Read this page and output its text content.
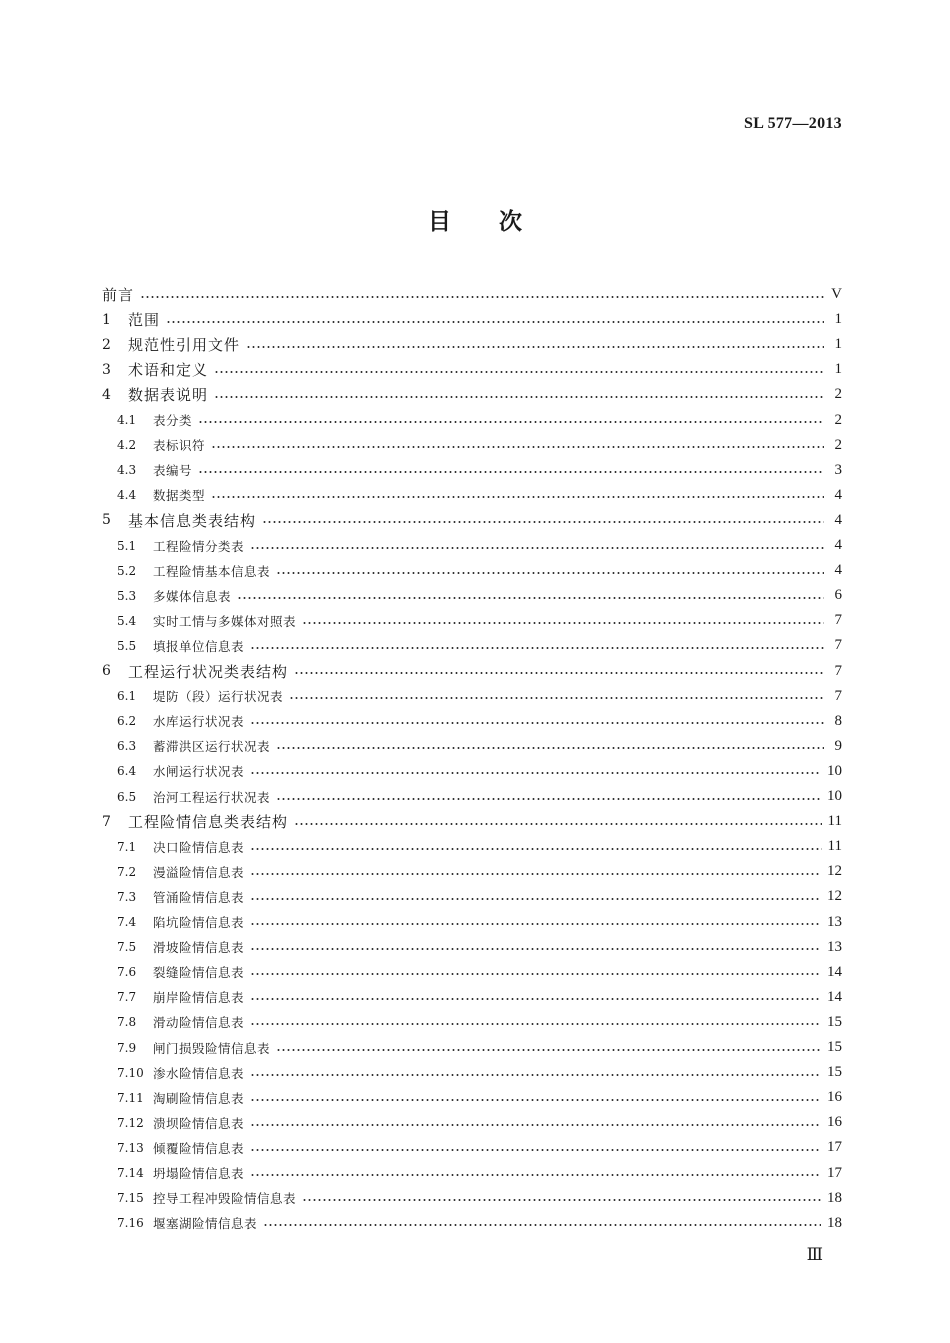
SL 577—2013
目次
前言	V
1	范围	1
2	规范性引用文件	1
3	术语和定义	1
4	数据表说明	2
4.1	表分类	2
4.2	表标识符	2
4.3	表编号	3
4.4	数据类型	4
5	基本信息类表结构	4
5.1	工程险情分类表	4
5.2	工程险情基本信息表	4
5.3	多媒体信息表	6
5.4	实时工情与多媒体对照表	7
5.5	填报单位信息表	7
6	工程运行状况类表结构	7
6.1	堤防（段）运行状况表	7
6.2	水库运行状况表	8
6.3	蓄滞洪区运行状况表	9
6.4	水闸运行状况表	10
6.5	治河工程运行状况表	10
7	工程险情信息类表结构	11
7.1	决口险情信息表	11
7.2	漫溢险情信息表	12
7.3	管涌险情信息表	12
7.4	陷坑险情信息表	13
7.5	滑坡险情信息表	13
7.6	裂缝险情信息表	14
7.7	崩岸险情信息表	14
7.8	滑动险情信息表	15
7.9	闸门损毁险情信息表	15
7.10 渗水险情信息表	15
7.11 淘刷险情信息表	16
7.12 溃坝险情信息表	16
7.13 倾覆险情信息表	17
7.14 坍塌险情信息表	17
7.15 控导工程冲毁险情信息表	18
7.16 堰塞湖险情信息表	18
Ⅲ
